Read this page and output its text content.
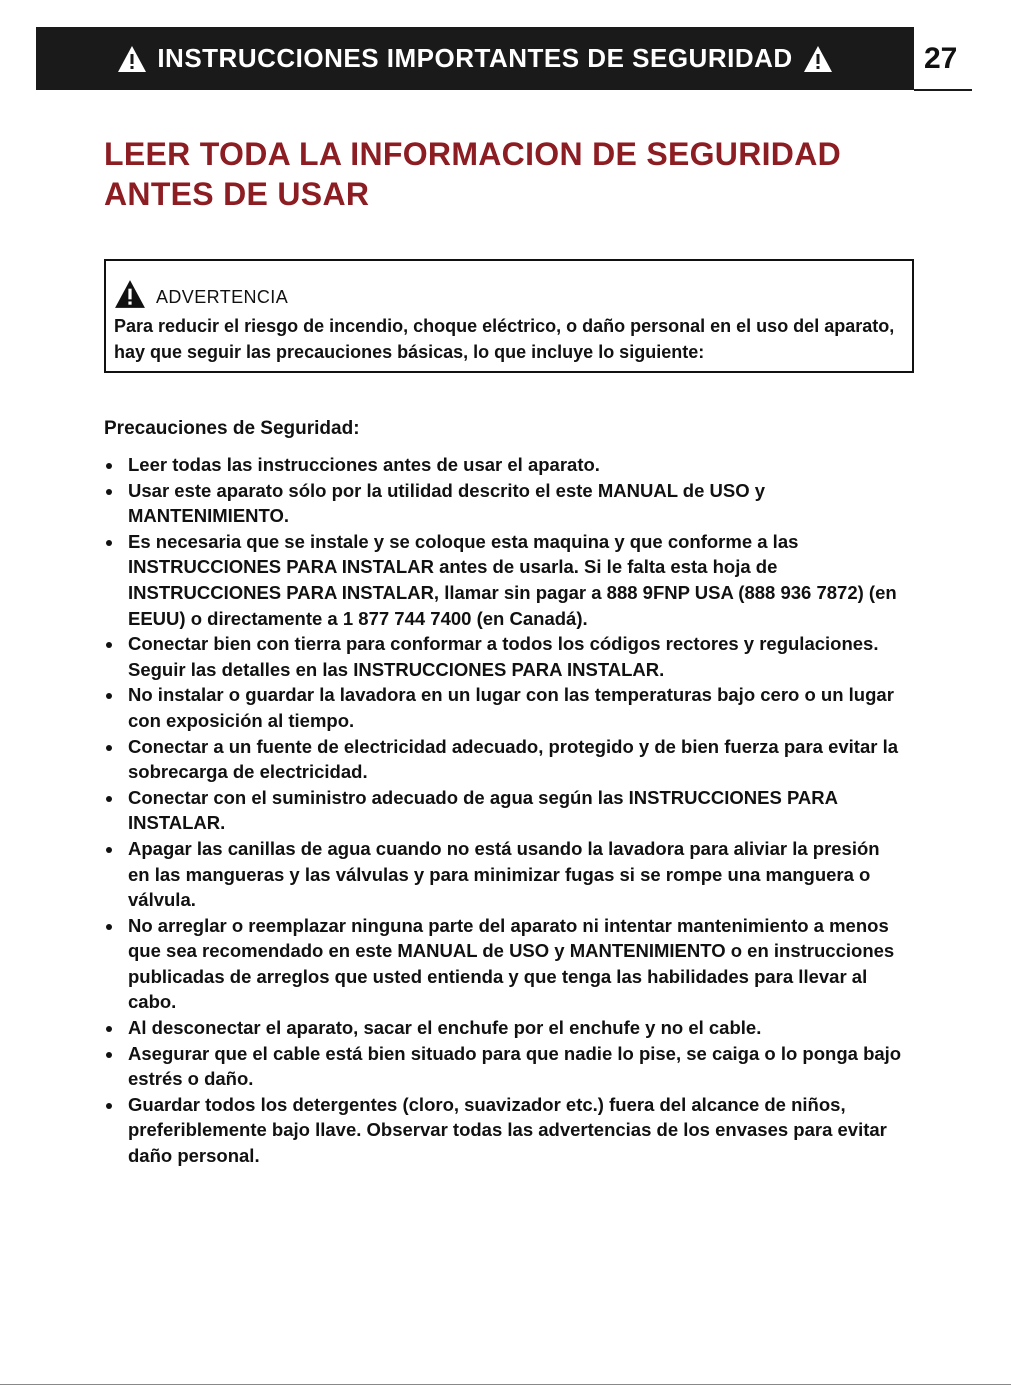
INSTRUCCIONES IMPORTANTES DE SEGURIDAD	27
LEER TODA LA INFORMACION DE SEGURIDAD ANTES DE USAR
ADVERTENCIA
Para reducir el riesgo de incendio, choque eléctrico, o daño personal en el uso del aparato, hay que seguir las precauciones básicas, lo que incluye lo siguiente:
Precauciones de Seguridad:
Leer todas las instrucciones antes de usar el aparato.
Usar este aparato sólo por la utilidad descrito el este MANUAL de USO y MANTENIMIENTO.
Es necesaria que se instale y se coloque esta maquina y que conforme a las INSTRUCCIONES PARA INSTALAR antes de usarla. Si le falta esta hoja de INSTRUCCIONES PARA INSTALAR, llamar sin pagar a 888 9FNP USA (888 936 7872) (en EEUU) o directamente a 1 877 744 7400 (en Canadá).
Conectar bien con tierra para conformar a todos los códigos rectores y regulaciones. Seguir las detalles en las INSTRUCCIONES PARA INSTALAR.
No instalar o guardar la lavadora en un lugar con las temperaturas bajo cero o un lugar con exposición al tiempo.
Conectar a un fuente de electricidad adecuado, protegido y de bien fuerza para evitar la sobrecarga de electricidad.
Conectar con el suministro adecuado de agua según las INSTRUCCIONES PARA INSTALAR.
Apagar las canillas de agua cuando no está usando la lavadora para aliviar la presión en las mangueras y las válvulas y para minimizar fugas si se rompe una manguera o válvula.
No arreglar o reemplazar ninguna parte del aparato ni intentar mantenimiento a menos que sea recomendado en este MANUAL de USO y MANTENIMIENTO o en instrucciones publicadas de arreglos que usted entienda y que tenga las habilidades para llevar al cabo.
Al desconectar el aparato, sacar el enchufe por el enchufe y no el cable.
Asegurar que el cable está bien situado para que nadie lo pise, se caiga o lo ponga bajo estrés o daño.
Guardar todos los detergentes (cloro, suavizador etc.) fuera del alcance de niños, preferiblemente bajo llave. Observar todas las advertencias de los envases para evitar daño personal.
